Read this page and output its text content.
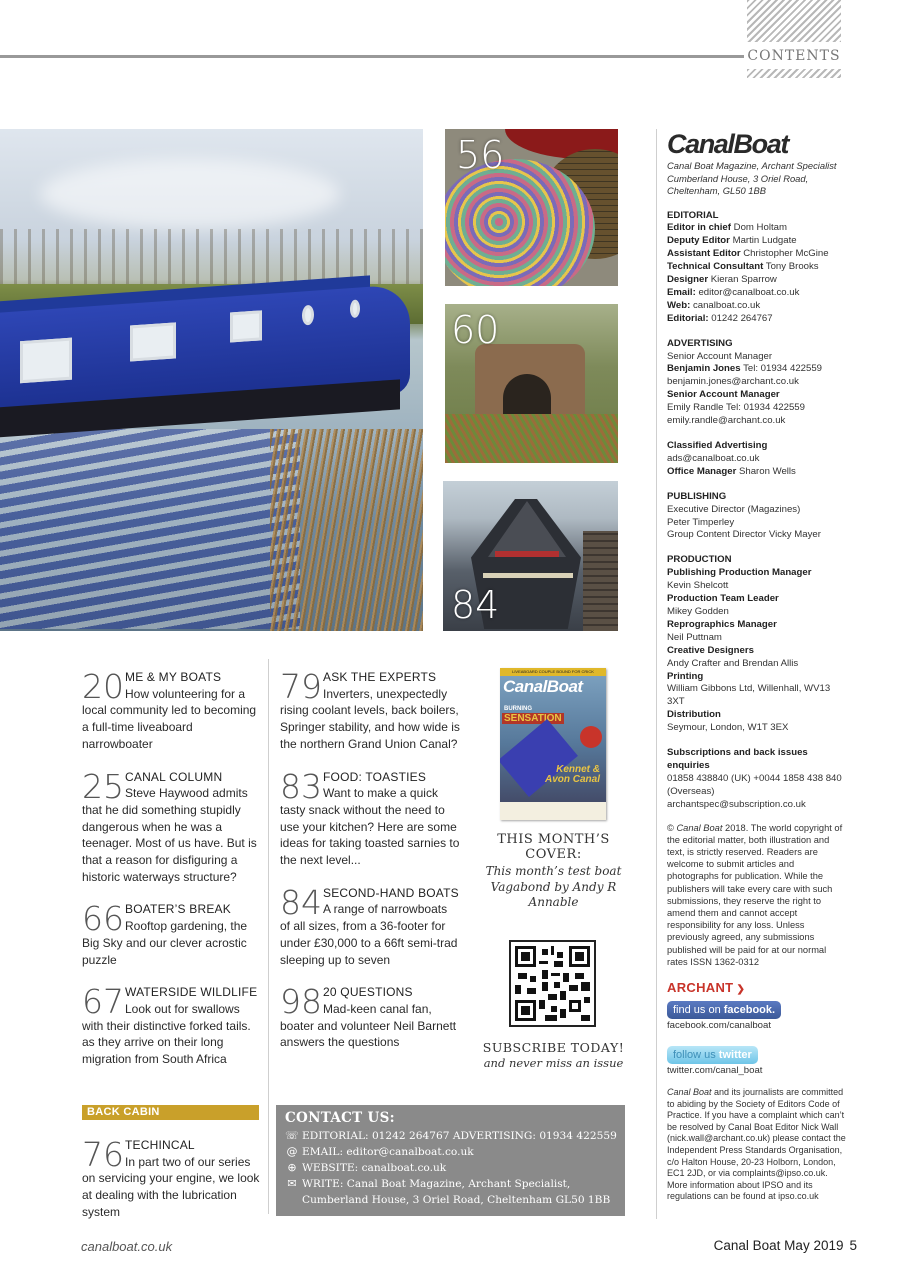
CONTENTS
56
60
84
20 ME & MY BOATS
How volunteering for a local community led to becoming a full-time liveaboard narrowboater
25 CANAL COLUMN
Steve Haywood admits that he did something stupidly dangerous when he was a teenager. Most of us have. But is that a reason for disfiguring a historic waterways structure?
66 BOATER’S BREAK
Rooftop gardening, the Big Sky and our clever acrostic puzzle
67 WATERSIDE WILDLIFE
Look out for swallows with their distinctive forked tails. as they arrive on their long migration from South Africa
BACK CABIN
76 TECHINCAL
In part two of our series on servicing your engine, we look at dealing with the lubrication system
79 ASK THE EXPERTS
Inverters, unexpectedly rising coolant levels, back boilers, Springer stability, and how wide is the northern Grand Union Canal?
83 FOOD: TOASTIES
Want to make a quick tasty snack without the need to use your kitchen? Here are some ideas for taking toasted sarnies to the next level...
84 SECOND-HAND BOATS
A range of narrowboats of all sizes, from a 36-footer for under £30,000 to a 66ft semi-trad sleeping up to seven
98 20 QUESTIONS
Mad-keen canal fan, boater and volunteer Neil Barnett answers the questions
LIVEABOARD COUPLE BOUND FOR CRICK
CanalBoat
BURNING
SENSATION
Kennet & Avon Canal
THIS MONTH’S COVER:
This month’s test boat Vagabond by Andy R Annable
SUBSCRIBE TODAY!
and never miss an issue
CONTACT US:
☏ EDITORIAL: 01242 264767 ADVERTISING: 01934 422559
@ EMAIL: editor@canalboat.co.uk
⊕ WEBSITE: canalboat.co.uk
✉ WRITE: Canal Boat Magazine, Archant Specialist,
Cumberland House, 3 Oriel Road, Cheltenham GL50 1BB
CanalBoat
Canal Boat Magazine, Archant Specialist Cumberland House, 3 Oriel Road, Cheltenham, GL50 1BB
EDITORIAL
Editor in chief Dom Holtam
Deputy Editor Martin Ludgate
Assistant Editor Christopher McGine
Technical Consultant Tony Brooks
Designer Kieran Sparrow
Email: editor@canalboat.co.uk
Web: canalboat.co.uk
Editorial: 01242 264767
ADVERTISING
Senior Account Manager
Benjamin Jones Tel: 01934 422559
benjamin.jones@archant.co.uk
Senior Account Manager
Emily Randle Tel: 01934 422559
emily.randle@archant.co.uk
Classified Advertising
ads@canalboat.co.uk
Office Manager Sharon Wells
PUBLISHING
Executive Director (Magazines)
Peter Timperley
Group Content Director Vicky Mayer
PRODUCTION
Publishing Production Manager
Kevin Shelcott
Production Team Leader
Mikey Godden
Reprographics Manager
Neil Puttnam
Creative Designers
Andy Crafter and Brendan Allis
Printing
William Gibbons Ltd, Willenhall, WV13 3XT
Distribution
Seymour, London, W1T 3EX
Subscriptions and back issues enquiries
01858 438840 (UK) +0044 1858 438 840 (Overseas)
archantspec@subscription.co.uk
© Canal Boat 2018. The world copyright of the editorial matter, both illustration and text, is strictly reserved. Readers are welcome to submit articles and photographs for publication. While the publishers will take every care with such submissions, they reserve the right to amend them and cannot accept responsibility for any loss. Unless previously agreed, any submissions published will be paid for at our normal rates ISSN 1362-0312
ARCHANT ❯
find us on facebook.
facebook.com/canalboat
follow us twitter
twitter.com/canal_boat
Canal Boat and its journalists are committed to abiding by the Society of Editors Code of Practice. If you have a complaint which can’t be resolved by Canal Boat Editor Nick Wall (nick.wall@archant.co.uk) please contact the Independent Press Standards Organisation, c/o Halton House, 20-23 Holborn, London, EC1 2JD, or via complaints@ipso.co.uk. More information about IPSO and its regulations can be found at ipso.co.uk
canalboat.co.uk	Canal Boat May 2019 5
